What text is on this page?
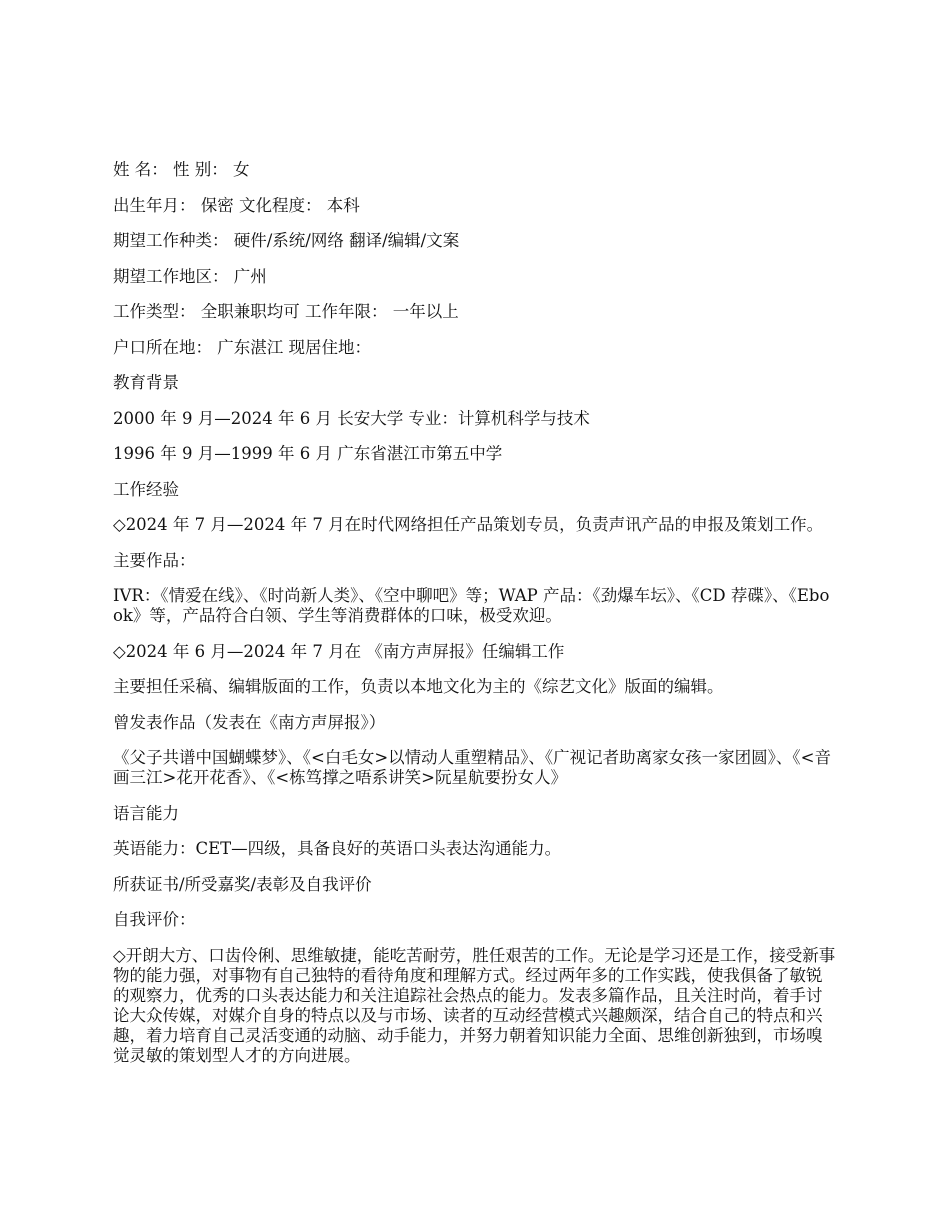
姓 名： 性 别： 女

出生年月： 保密 文化程度： 本科

期望工作种类： 硬件/系统/网络 翻译/编辑/文案

期望工作地区： 广州

工作类型： 全职兼职均可 工作年限： 一年以上

户口所在地： 广东湛江 现居住地：

教育背景

2000 年 9 月—2024 年 6 月 长安大学 专业：计算机科学与技术

1996 年 9 月—1999 年 6 月 广东省湛江市第五中学

工作经验

◇2024 年 7 月—2024 年 7 月在时代网络担任产品策划专员，负责声讯产品的申报及策划工作。

主要作品：

IVR：《情爱在线》、《时尚新人类》、《空中聊吧》等；WAP 产品：《劲爆车坛》、《CD 荐碟》、《Ebook》等，产品符合白领、学生等消费群体的口味，极受欢迎。

◇2024 年 6 月—2024 年 7 月在 《南方声屏报》任编辑工作

主要担任采稿、编辑版面的工作，负责以本地文化为主的《综艺文化》版面的编辑。

曾发表作品（发表在《南方声屏报》）

《父子共谱中国蝴蝶梦》、《<白毛女>以情动人重塑精品》、《广视记者助离家女孩一家团圆》、《<音画三江>花开花香》、《<栋笃撑之唔系讲笑>阮星航要扮女人》

语言能力

英语能力：CET—四级，具备良好的英语口头表达沟通能力。

所获证书/所受嘉奖/表彰及自我评价

自我评价：

◇开朗大方、口齿伶俐、思维敏捷，能吃苦耐劳，胜任艰苦的工作。无论是学习还是工作，接受新事物的能力强，对事物有自己独特的看待角度和理解方式。经过两年多的工作实践，使我俱备了敏锐的观察力，优秀的口头表达能力和关注追踪社会热点的能力。发表多篇作品，且关注时尚，着手讨论大众传媒，对媒介自身的特点以及与市场、读者的互动经营模式兴趣颇深，结合自己的特点和兴趣，着力培育自己灵活变通的动脑、动手能力，并努力朝着知识能力全面、思维创新独到，市场嗅觉灵敏的策划型人才的方向进展。
